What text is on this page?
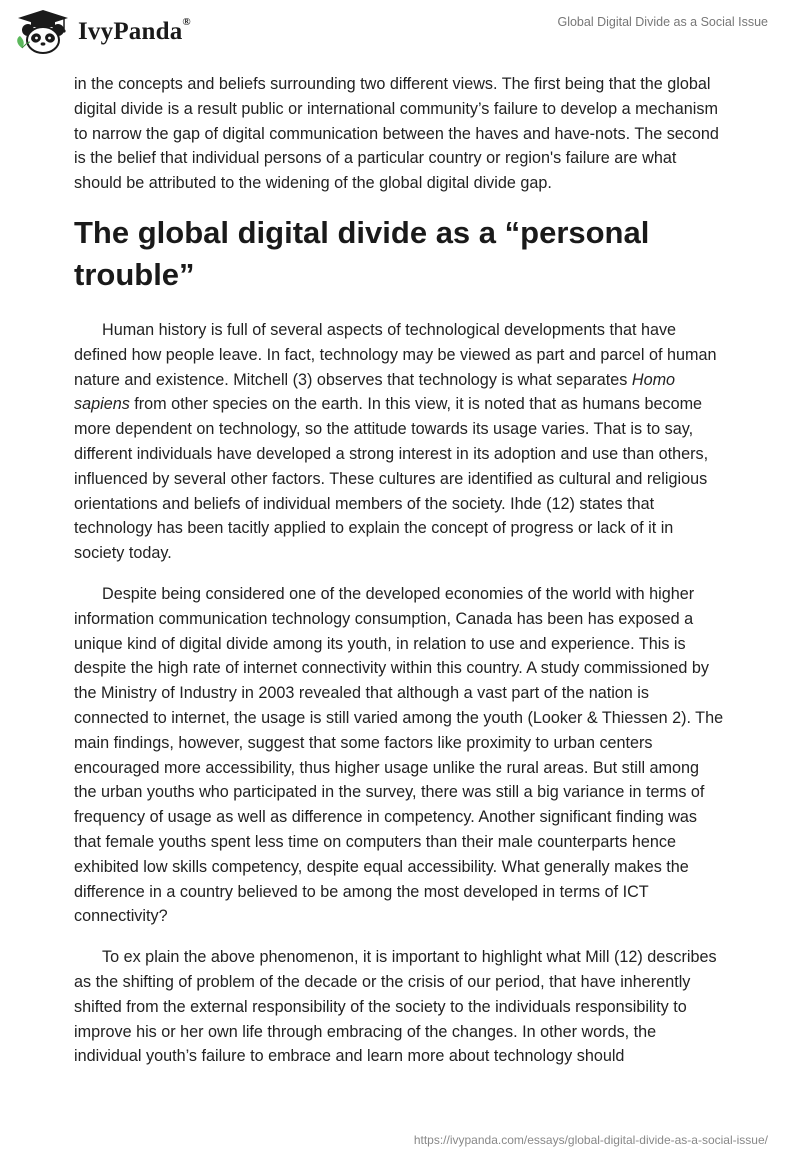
IvyPanda®	Global Digital Divide as a Social Issue

in the concepts and beliefs surrounding two different views. The first being that the global digital divide is a result public or international community’s failure to develop a mechanism to narrow the gap of digital communication between the haves and have-nots. The second is the belief that individual persons of a particular country or region's failure are what should be attributed to the widening of the global digital divide gap.

The global digital divide as a “personal trouble”

Human history is full of several aspects of technological developments that have defined how people leave. In fact, technology may be viewed as part and parcel of human nature and existence. Mitchell (3) observes that technology is what separates Homo sapiens from other species on the earth. In this view, it is noted that as humans become more dependent on technology, so the attitude towards its usage varies. That is to say, different individuals have developed a strong interest in its adoption and use than others, influenced by several other factors. These cultures are identified as cultural and religious orientations and beliefs of individual members of the society. Ihde (12) states that technology has been tacitly applied to explain the concept of progress or lack of it in society today.

Despite being considered one of the developed economies of the world with higher information communication technology consumption, Canada has been has exposed a unique kind of digital divide among its youth, in relation to use and experience. This is despite the high rate of internet connectivity within this country. A study commissioned by the Ministry of Industry in 2003 revealed that although a vast part of the nation is connected to internet, the usage is still varied among the youth (Looker & Thiessen 2). The main findings, however, suggest that some factors like proximity to urban centers encouraged more accessibility, thus higher usage unlike the rural areas. But still among the urban youths who participated in the survey, there was still a big variance in terms of frequency of usage as well as difference in competency. Another significant finding was that female youths spent less time on computers than their male counterparts hence exhibited low skills competency, despite equal accessibility. What generally makes the difference in a country believed to be among the most developed in terms of ICT connectivity?

To ex plain the above phenomenon, it is important to highlight what Mill (12) describes as the shifting of problem of the decade or the crisis of our period, that have inherently shifted from the external responsibility of the society to the individuals responsibility to improve his or her own life through embracing of the changes. In other words, the individual youth’s failure to embrace and learn more about technology should

https://ivypanda.com/essays/global-digital-divide-as-a-social-issue/
